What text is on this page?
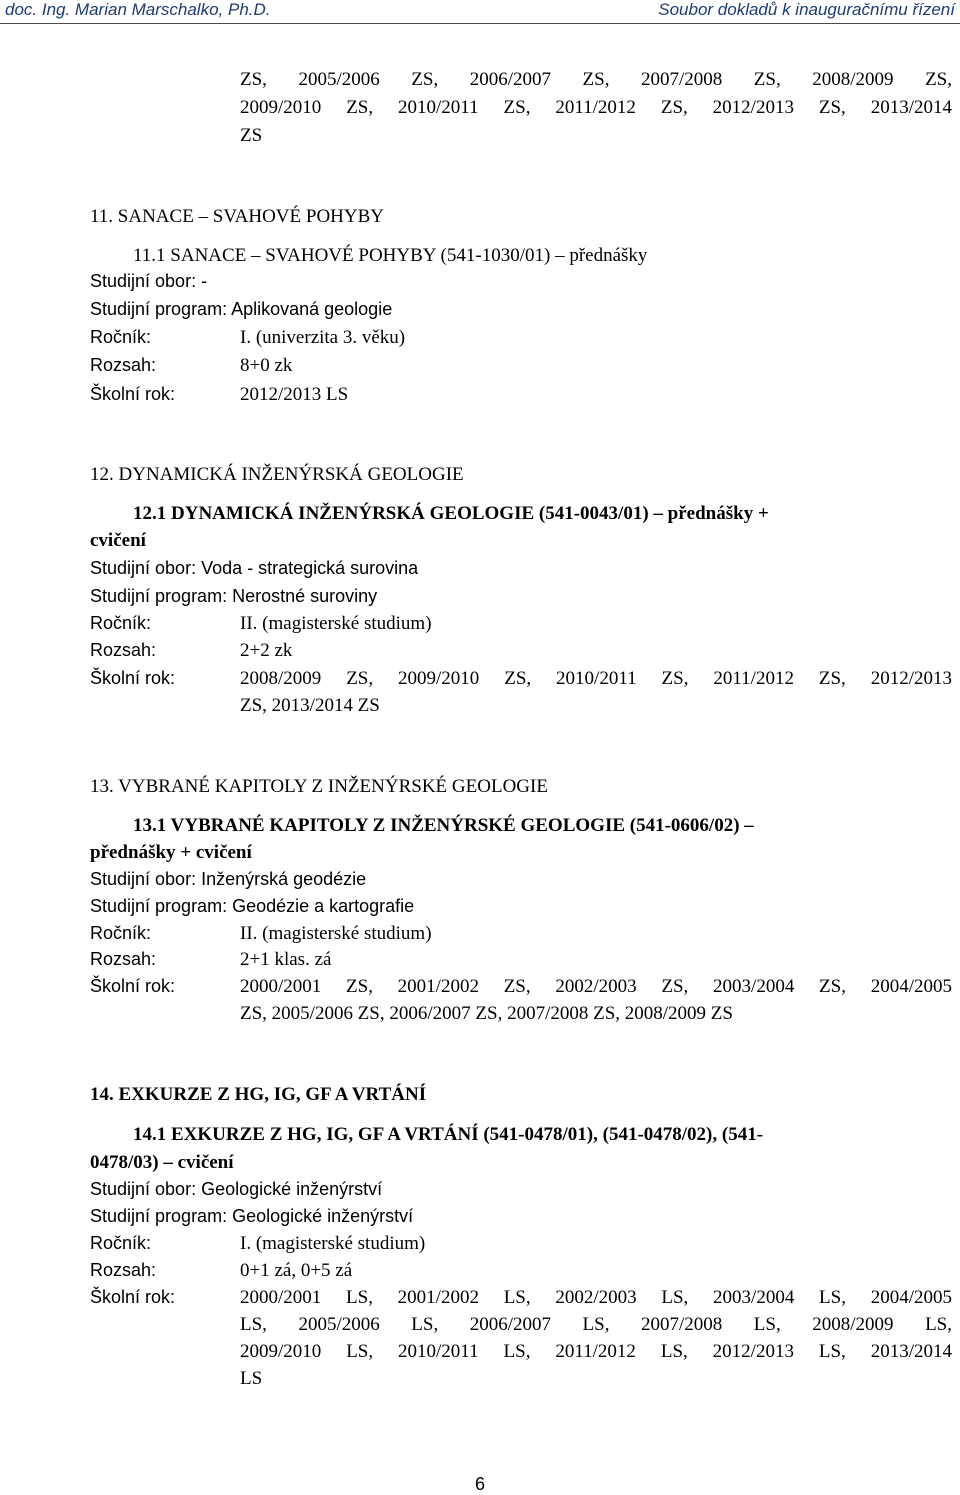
doc. Ing. Marian Marschalko, Ph.D.	Soubor dokladů k inauguračnímu řízení
ZS, 2005/2006 ZS, 2006/2007 ZS, 2007/2008 ZS, 2008/2009 ZS,
2009/2010 ZS, 2010/2011 ZS, 2011/2012 ZS, 2012/2013 ZS, 2013/2014
ZS
11. SANACE – SVAHOVÉ POHYBY
11.1 SANACE – SVAHOVÉ POHYBY (541-1030/01) – přednášky
Studijní obor: -
Studijní program: Aplikovaná geologie
Ročník:	I. (univerzita 3. věku)
Rozsah:	8+0 zk
Školní rok:	2012/2013 LS
12. DYNAMICKÁ INŽENÝRSKÁ GEOLOGIE
12.1 DYNAMICKÁ INŽENÝRSKÁ GEOLOGIE (541-0043/01) – přednášky +
cvičení
Studijní obor: Voda - strategická surovina
Studijní program: Nerostné suroviny
Ročník:	II. (magisterské studium)
Rozsah:	2+2 zk
Školní rok:	2008/2009 ZS, 2009/2010 ZS, 2010/2011 ZS, 2011/2012 ZS, 2012/2013
ZS, 2013/2014 ZS
13. VYBRANÉ KAPITOLY Z INŽENÝRSKÉ GEOLOGIE
13.1 VYBRANÉ KAPITOLY Z INŽENÝRSKÉ GEOLOGIE (541-0606/02) –
přednášky + cvičení
Studijní obor: Inženýrská geodézie
Studijní program: Geodézie a kartografie
Ročník:	II. (magisterské studium)
Rozsah:	2+1 klas. zá
Školní rok:	2000/2001 ZS, 2001/2002 ZS, 2002/2003 ZS, 2003/2004 ZS, 2004/2005
ZS, 2005/2006 ZS, 2006/2007 ZS, 2007/2008 ZS, 2008/2009 ZS
14. EXKURZE Z HG, IG, GF A VRTÁNÍ
14.1 EXKURZE Z HG, IG, GF A VRTÁNÍ (541-0478/01), (541-0478/02), (541-
0478/03) – cvičení
Studijní obor: Geologické inženýrství
Studijní program: Geologické inženýrství
Ročník:	I. (magisterské studium)
Rozsah:	0+1 zá, 0+5 zá
Školní rok:	2000/2001 LS, 2001/2002 LS, 2002/2003 LS, 2003/2004 LS, 2004/2005
LS, 2005/2006 LS, 2006/2007 LS, 2007/2008 LS, 2008/2009 LS,
2009/2010 LS, 2010/2011 LS, 2011/2012 LS, 2012/2013 LS, 2013/2014
LS
6
